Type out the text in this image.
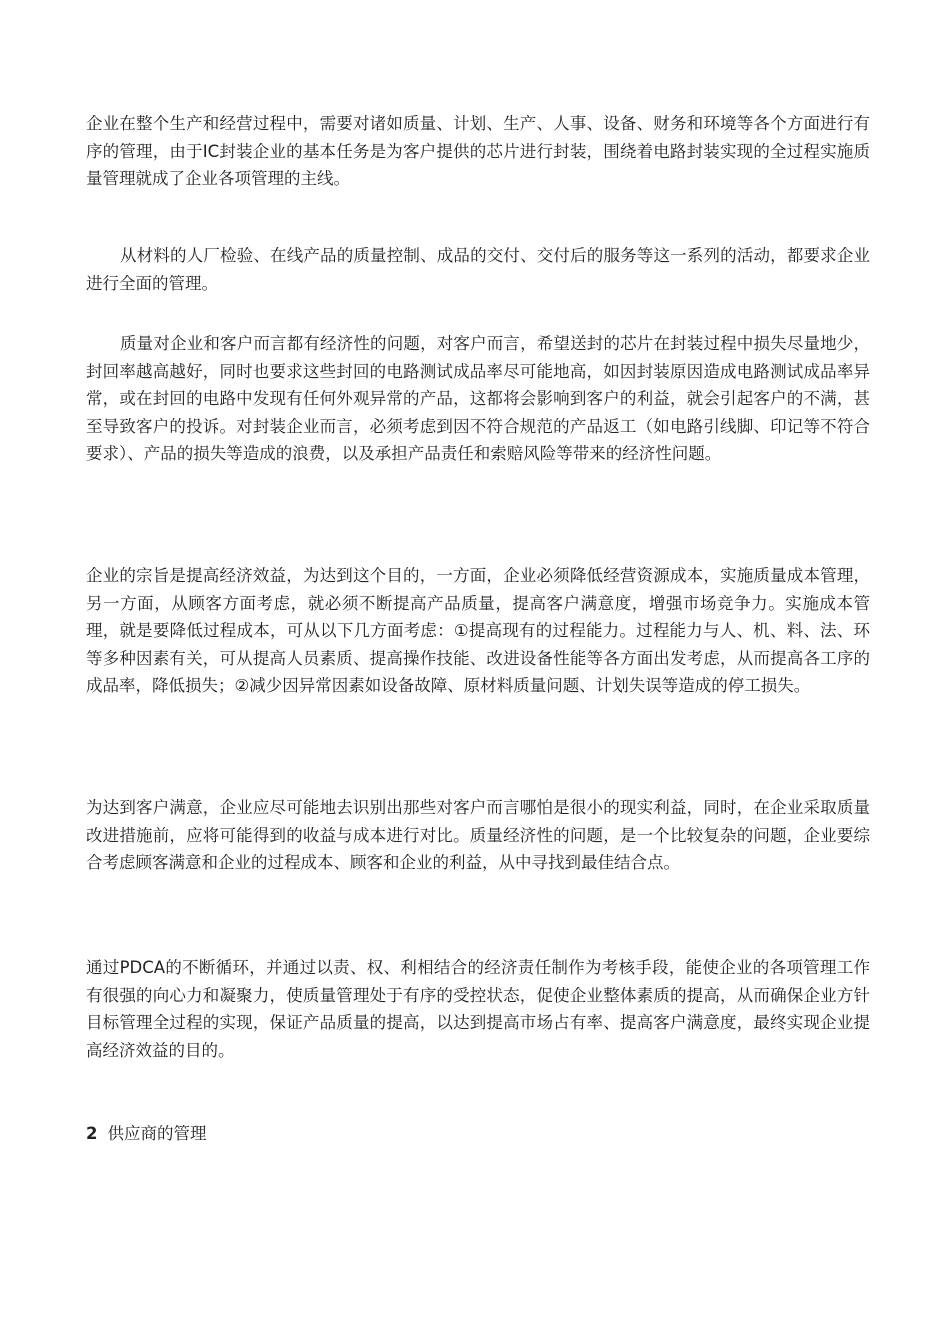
企业在整个生产和经营过程中，需要对诸如质量、计划、生产、人事、设备、财务和环境等各个方面进行有序的管理，由于IC封装企业的基本任务是为客户提供的芯片进行封装，围绕着电路封装实现的全过程实施质量管理就成了企业各项管理的主线。

从材料的人厂检验、在线产品的质量控制、成品的交付、交付后的服务等这一系列的活动，都要求企业进行全面的管理。

质量对企业和客户而言都有经济性的问题，对客户而言，希望送封的芯片在封装过程中损失尽量地少，封回率越高越好，同时也要求这些封回的电路测试成品率尽可能地高，如因封装原因造成电路测试成品率异常，或在封回的电路中发现有任何外观异常的产品，这都将会影响到客户的利益，就会引起客户的不满，甚至导致客户的投诉。对封装企业而言，必须考虑到因不符合规范的产品返工（如电路引线脚、印记等不符合要求）、产品的损失等造成的浪费，以及承担产品责任和索赔风险等带来的经济性问题。

企业的宗旨是提高经济效益，为达到这个目的，一方面，企业必须降低经营资源成本，实施质量成本管理，另一方面，从顾客方面考虑，就必须不断提高产品质量，提高客户满意度，增强市场竞争力。实施成本管理，就是要降低过程成本，可从以下几方面考虑：①提高现有的过程能力。过程能力与人、机、料、法、环等多种因素有关，可从提高人员素质、提高操作技能、改进设备性能等各方面出发考虑，从而提高各工序的成品率，降低损失；②减少因异常因素如设备故障、原材料质量问题、计划失误等造成的停工损失。

为达到客户满意，企业应尽可能地去识别出那些对客户而言哪怕是很小的现实利益，同时，在企业采取质量改进措施前，应将可能得到的收益与成本进行对比。质量经济性的问题，是一个比较复杂的问题，企业要综合考虑顾客满意和企业的过程成本、顾客和企业的利益，从中寻找到最佳结合点。

通过PDCA的不断循环，并通过以责、权、利相结合的经济责任制作为考核手段，能使企业的各项管理工作有很强的向心力和凝聚力，使质量管理处于有序的受控状态，促使企业整体素质的提高，从而确保企业方针目标管理全过程的实现，保证产品质量的提高，以达到提高市场占有率、提高客户满意度，最终实现企业提高经济效益的目的。

2 供应商的管理
